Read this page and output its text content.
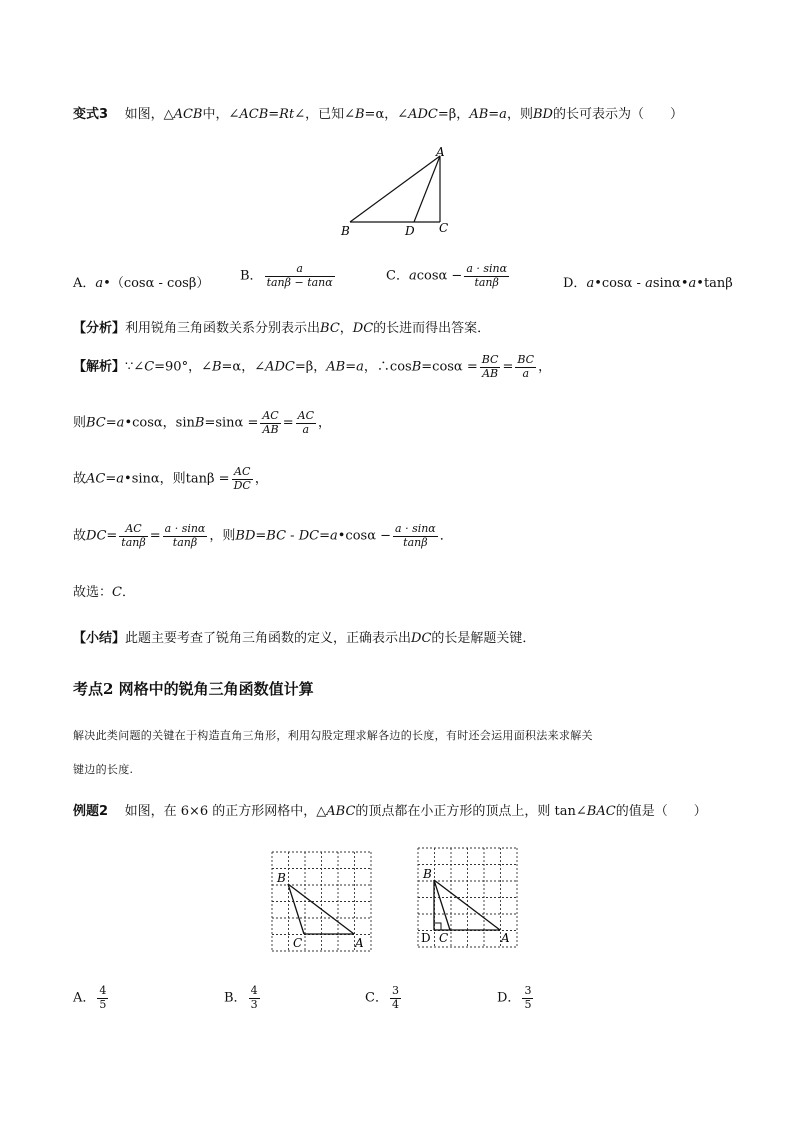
变式3 如图，△ACB中，∠ACB=Rt∠，已知∠B=α，∠ADC=β，AB=a，则BD的长可表示为（　　）
A
B	D C
A．a•（cosα - cosβ） B． $\frac{a}{\tan\beta - \tan\alpha}$	C．$acos\alpha - \frac{a \cdot \sin\alpha}{\tan\beta}$	D．a•cosα - asinα•a•tanβ
【分析】利用锐角三角函数关系分别表示出BC，DC的长进而得出答案．
【解析】∵∠C=90°，∠B=α，∠ADC=β，AB=a，∴cosB=cosα = $\frac{BC}{AB} = \frac{BC}{a}$ ，
则BC=a•cosα，$\sin B=\sin\alpha = \frac{AC}{AB} = \frac{AC}{a}$ ，
故AC=a•sinα，则$\tan\beta = \frac{AC}{DC}$ ，
故$DC= \frac{AC}{\tan\beta} = \frac{a \cdot \sin\alpha}{\tan\beta}$ ，则BD=BC - DC=a•cosα − $\frac{a \cdot \sin\alpha}{\tan\beta}$ ．
故选：C．
【小结】此题主要考查了锐角三角函数的定义，正确表示出DC的长是解题关键．
考点2 网格中的锐角三角函数值计算
解决此类问题的关键在于构造直角三角形，利用勾股定理求解各边的长度，有时还会运用面积法来求解关
键边的长度.
例题2 如图，在 6×6 的正方形网格中，△ABC的顶点都在小正方形的顶点上，则 tan∠BAC的值是（　　）
B
C	A
B
D C	A
A． $\frac{4}{5}$	B． $\frac{4}{3}$	C． $\frac{3}{4}$	D． $\frac{3}{5}$
